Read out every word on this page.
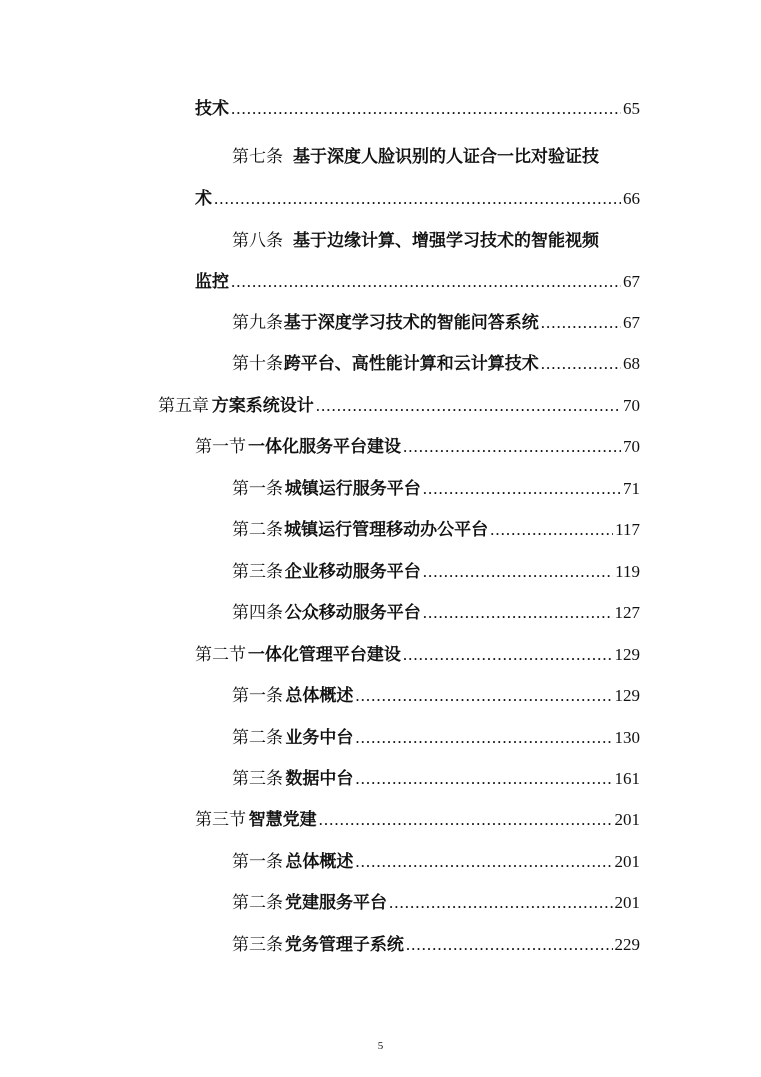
技术 .....	65
第七条 基于深度人脸识别的人证合一比对验证技
术 .....	66
第八条 基于边缘计算、增强学习技术的智能视频
监控 .....	67
第九条 基于深度学习技术的智能问答系统 .....	67
第十条 跨平台、高性能计算和云计算技术 .....	68
第五章 方案系统设计 .....	70
第一节 一体化服务平台建设 .....	70
第一条 城镇运行服务平台 .....	71
第二条 城镇运行管理移动办公平台 .....	117
第三条 企业移动服务平台 .....	119
第四条 公众移动服务平台 .....	127
第二节 一体化管理平台建设 .....	129
第一条 总体概述 .....	129
第二条 业务中台 .....	130
第三条 数据中台 .....	161
第三节 智慧党建 .....	201
第一条 总体概述 .....	201
第二条 党建服务平台 .....	201
第三条 党务管理子系统 .....	229
5
